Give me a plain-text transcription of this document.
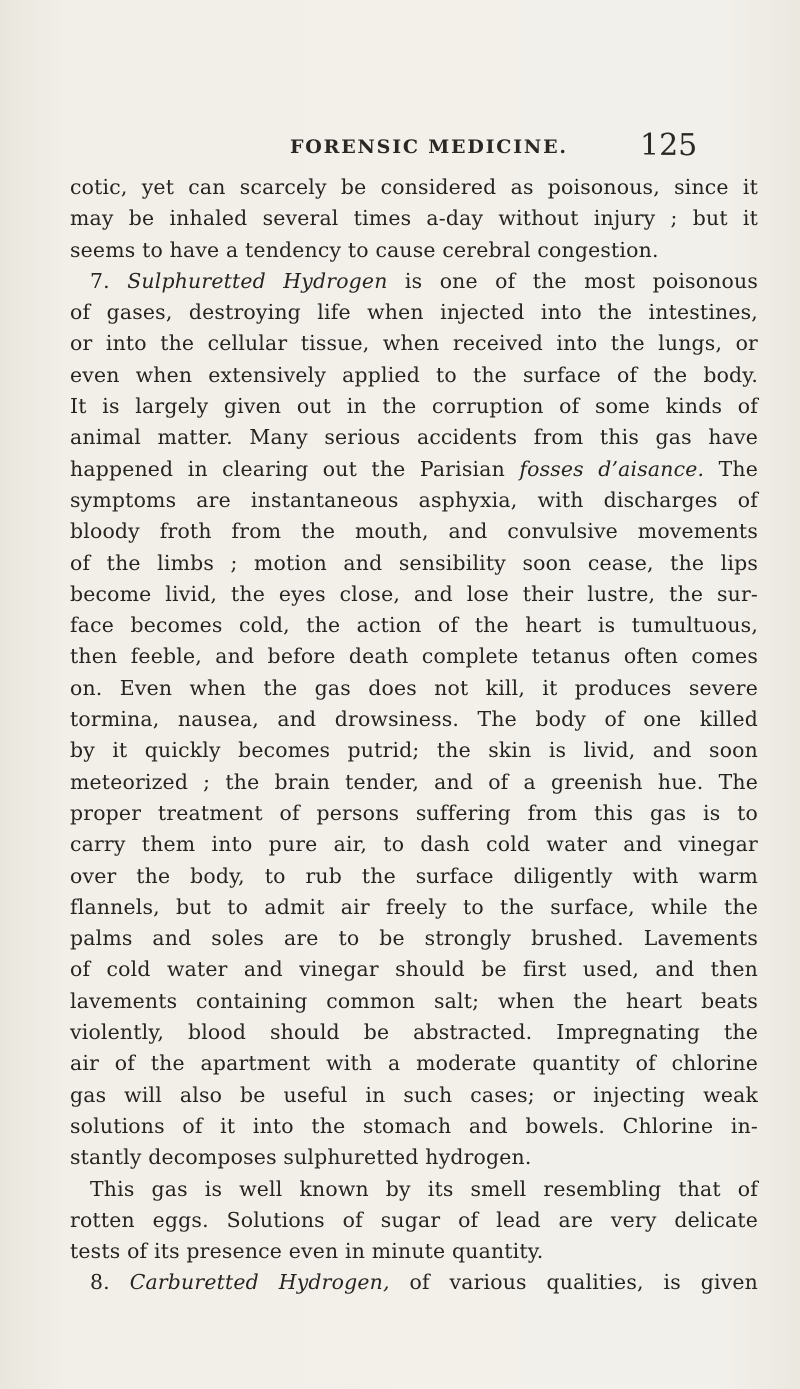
FORENSIC MEDICINE. 125
cotic, yet can scarcely be considered as poisonous, since it
may be inhaled several times a-day without injury ; but it
seems to have a tendency to cause cerebral congestion.
7. Sulphuretted Hydrogen is one of the most poisonous
of gases, destroying life when injected into the intestines,
or into the cellular tissue, when received into the lungs, or
even when extensively applied to the surface of the body.
It is largely given out in the corruption of some kinds of
animal matter. Many serious accidents from this gas have
happened in clearing out the Parisian fosses d’aisance. The
symptoms are instantaneous asphyxia, with discharges of
bloody froth from the mouth, and convulsive movements
of the limbs ; motion and sensibility soon cease, the lips
become livid, the eyes close, and lose their lustre, the sur-
face becomes cold, the action of the heart is tumultuous,
then feeble, and before death complete tetanus often comes
on. Even when the gas does not kill, it produces severe
tormina, nausea, and drowsiness. The body of one killed
by it quickly becomes putrid; the skin is livid, and soon
meteorized ; the brain tender, and of a greenish hue. The
proper treatment of persons suffering from this gas is to
carry them into pure air, to dash cold water and vinegar
over the body, to rub the surface diligently with warm
flannels, but to admit air freely to the surface, while the
palms and soles are to be strongly brushed. Lavements
of cold water and vinegar should be first used, and then
lavements containing common salt; when the heart beats
violently, blood should be abstracted. Impregnating the
air of the apartment with a moderate quantity of chlorine
gas will also be useful in such cases; or injecting weak
solutions of it into the stomach and bowels. Chlorine in-
stantly decomposes sulphuretted hydrogen.
This gas is well known by its smell resembling that of
rotten eggs. Solutions of sugar of lead are very delicate
tests of its presence even in minute quantity.
8. Carburetted Hydrogen, of various qualities, is given
